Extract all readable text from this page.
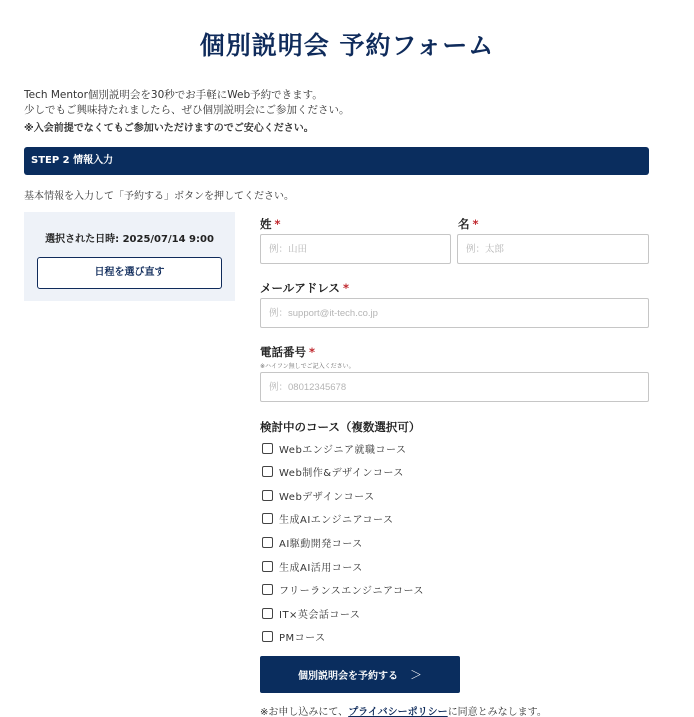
個別説明会 予約フォーム
Tech Mentor個別説明会を30秒でお手軽にWeb予約できます。
少しでもご興味持たれましたら、ぜひ個別説明会にご参加ください。
※入会前提でなくてもご参加いただけますのでご安心ください。
STEP 2 情報入力
基本情報を入力して「予約する」ボタンを押してください。
選択された日時: 2025/07/14 9:00
日程を選び直す
姓 *
例：山田	名 *
例：太郎
メールアドレス *
例：support@it-tech.co.jp
電話番号 *
※ハイフン無しでご記入ください。
例：08012345678
検討中のコース（複数選択可）
Webエンジニア就職コース
Web制作&デザインコース
Webデザインコース
生成AIエンジニアコース
AI駆動開発コース
生成AI活用コース
フリーランスエンジニアコース
IT×英会話コース
PMコース
個別説明会を予約する ＞
※お申し込みにて、プライバシーポリシーに同意とみなします。
